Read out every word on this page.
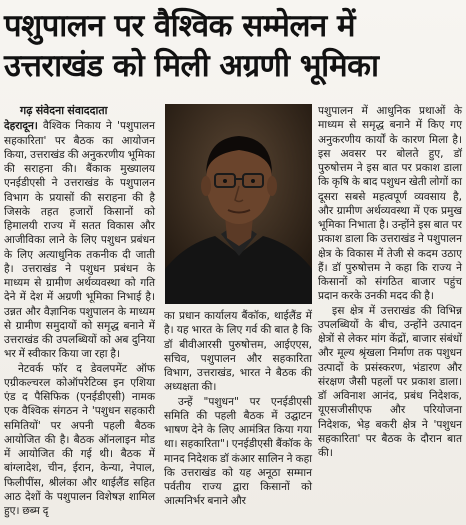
पशुपालन पर वैश्विक सम्मेलन में
उत्तराखंड को मिली अग्रणी भूमिका
गढ़ संवेदना संवाददाता

देहरादून। वैश्विक निकाय ने 'पशुपालन सहकारिता' पर बैठक का आयोजन किया, उत्तराखंड की अनुकरणीय भूमिका की सराहना की। बैंकाक मुख्यालय एनईडीएसी ने उत्तराखंड के पशुपालन विभाग के प्रयासों की सराहना की है जिसके तहत हजारों किसानों को हिमालयी राज्य में सतत विकास और आजीविका लाने के लिए पशुधन प्रबंधन के लिए अत्याधुनिक तकनीक दी जाती है। उत्तराखंड ने पशुधन प्रबंधन के माध्यम से ग्रामीण अर्थव्यवस्था को गति देने में देश में अग्रणी भूमिका निभाई है। उन्नत और वैज्ञानिक पशुपालन के माध्यम से ग्रामीण समुदायों को समृद्ध बनाने में उत्तराखंड की उपलब्धियों को अब दुनिया भर में स्वीकार किया जा रहा है।

नेटवर्क फॉर द डेवलपमेंट ऑफ एग्रीकल्चरल कोऑपरेटिव्स इन एशिया एंड द पैसिफिक (एनईडीएसी) नामक एक वैश्विक संगठन ने 'पशुधन सहकारी समितियों' पर अपनी पहली बैठक आयोजित की है। बैठक ऑनलाइन मोड में आयोजित की गई थी। बैठक में बांग्लादेश, चीन, ईरान, केन्या, नेपाल, फिलीपींस, श्रीलंका और थाईलैंड सहित आठ देशों के पशुपालन विशेषज्ञ शामिल हुए। छब्म दृ

का प्रधान कार्यालय बैंकॉक, थाईलैंड में है। यह भारत के लिए गर्व की बात है कि डॉ बीवीआरसी पुरुषोत्तम, आईएएस, सचिव, पशुपालन और सहकारिता विभाग, उत्तराखंड, भारत ने बैठक की अध्यक्षता की।

उन्हें "पशुधन" पर एनईडीएसी समिति की पहली बैठक में उद्घाटन भाषण देने के लिए आमंत्रित किया गया था। सहकारिता"। एनईडीएसी बैंकॉक के मानद निदेशक डॉ कंआर सालिन ने कहा कि उत्तराखंड को यह अनूठा सम्मान पर्वतीय राज्य द्वारा किसानों को आत्मनिर्भर बनाने और

पशुपालन में आधुनिक प्रथाओं के माध्यम से समृद्ध बनाने में किए गए अनुकरणीय कार्यों के कारण मिला है। इस अवसर पर बोलते हुए, डॉ पुरुषोत्तम ने इस बात पर प्रकाश डाला कि कृषि के बाद पशुधन खेती लोगों का दूसरा सबसे महत्वपूर्ण व्यवसाय है, और ग्रामीण अर्थव्यवस्था में एक प्रमुख भूमिका निभाता है। उन्होंने इस बात पर प्रकाश डाला कि उत्तराखंड ने पशुपालन क्षेत्र के विकास में तेजी से कदम उठाए हैं। डॉ पुरुषोत्तम ने कहा कि राज्य ने किसानों को संगठित बाजार पहुंच प्रदान करके उनकी मदद की है।

इस क्षेत्र में उत्तराखंड की विभिन्न उपलब्धियों के बीच, उन्होंने उत्पादन क्षेत्रों से लेकर मांग केंद्रों, बाजार संबंधों और मूल्य श्रृंखला निर्माण तक पशुधन उत्पादों के प्रसंस्करण, भंडारण और संरक्षण जैसी पहलों पर प्रकाश डाला। डॉ अविनाश आनंद, प्रबंध निदेशक, यूएसजीसीएफ और परियोजना निदेशक, भेड़ बकरी क्षेत्र ने 'पशुधन सहकारिता' पर बैठक के दौरान बात की।
